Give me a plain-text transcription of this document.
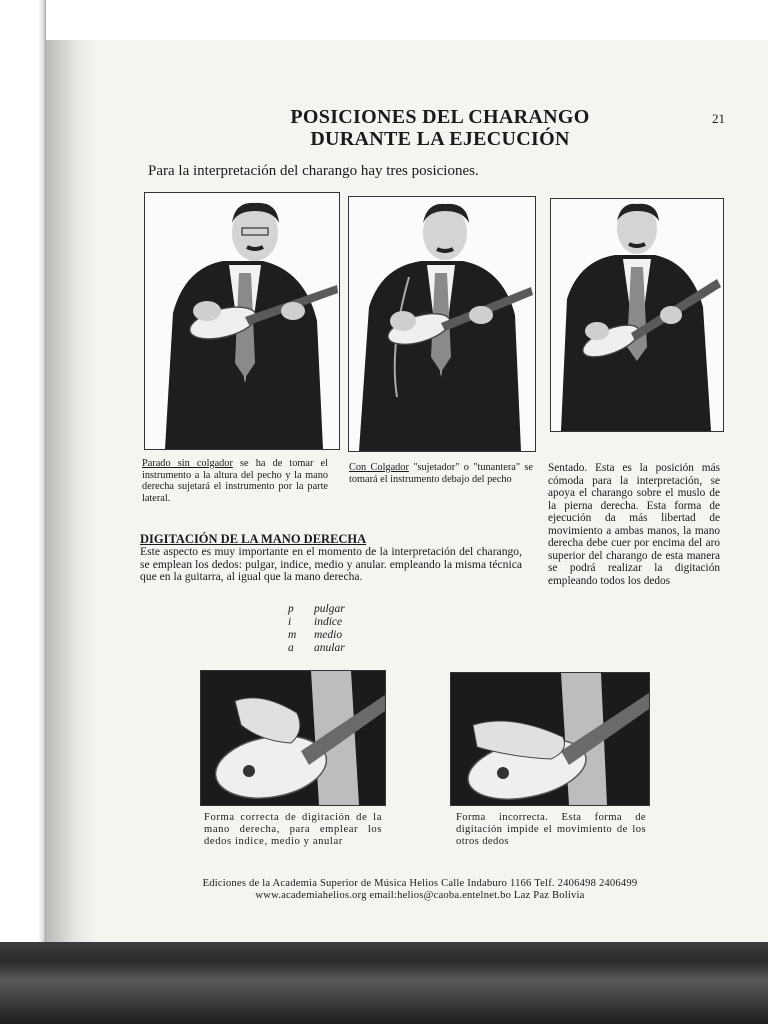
POSICIONES DEL CHARANGO
DURANTE LA EJECUCIÓN
21
Para la interpretación del charango hay tres posiciones.
Parado sin colgador se ha de tomar el instrumento a la altura del pecho y la mano derecha sujetará el instrumento por la parte lateral.
Con Colgador "sujetador" o "tunantera" se tomará el instrumento debajo del pecho
Sentado. Esta es la posición más cómoda para la interpretación, se apoya el charango sobre el muslo de la pierna derecha. Esta forma de ejecución da más libertad de movimiento a ambas manos, la mano derecha debe cuer por encima del aro superior del charango de esta manera se podrá realizar la digitación empleando todos los dedos
DIGITACIÓN DE LA MANO DERECHA
Este aspecto es muy importante en el momento de la interpretación del charango, se emplean los dedos: pulgar, indice, medio y anular. empleando la misma técnica que en la guitarra, al igual que la mano derecha.
p pulgar
i indice
m medio
a anular
Forma correcta de digitación de la mano derecha, para emplear los dedos indice, medio y anular
Forma incorrecta. Esta forma de digitación impide el movimiento de los otros dedos
Ediciones de la Academia Superior de Música Helios Calle Indaburo 1166 Telf. 2406498 2406499
www.academiahelios.org email:helios@caoba.entelnet.bo Laz Paz Bolivia
